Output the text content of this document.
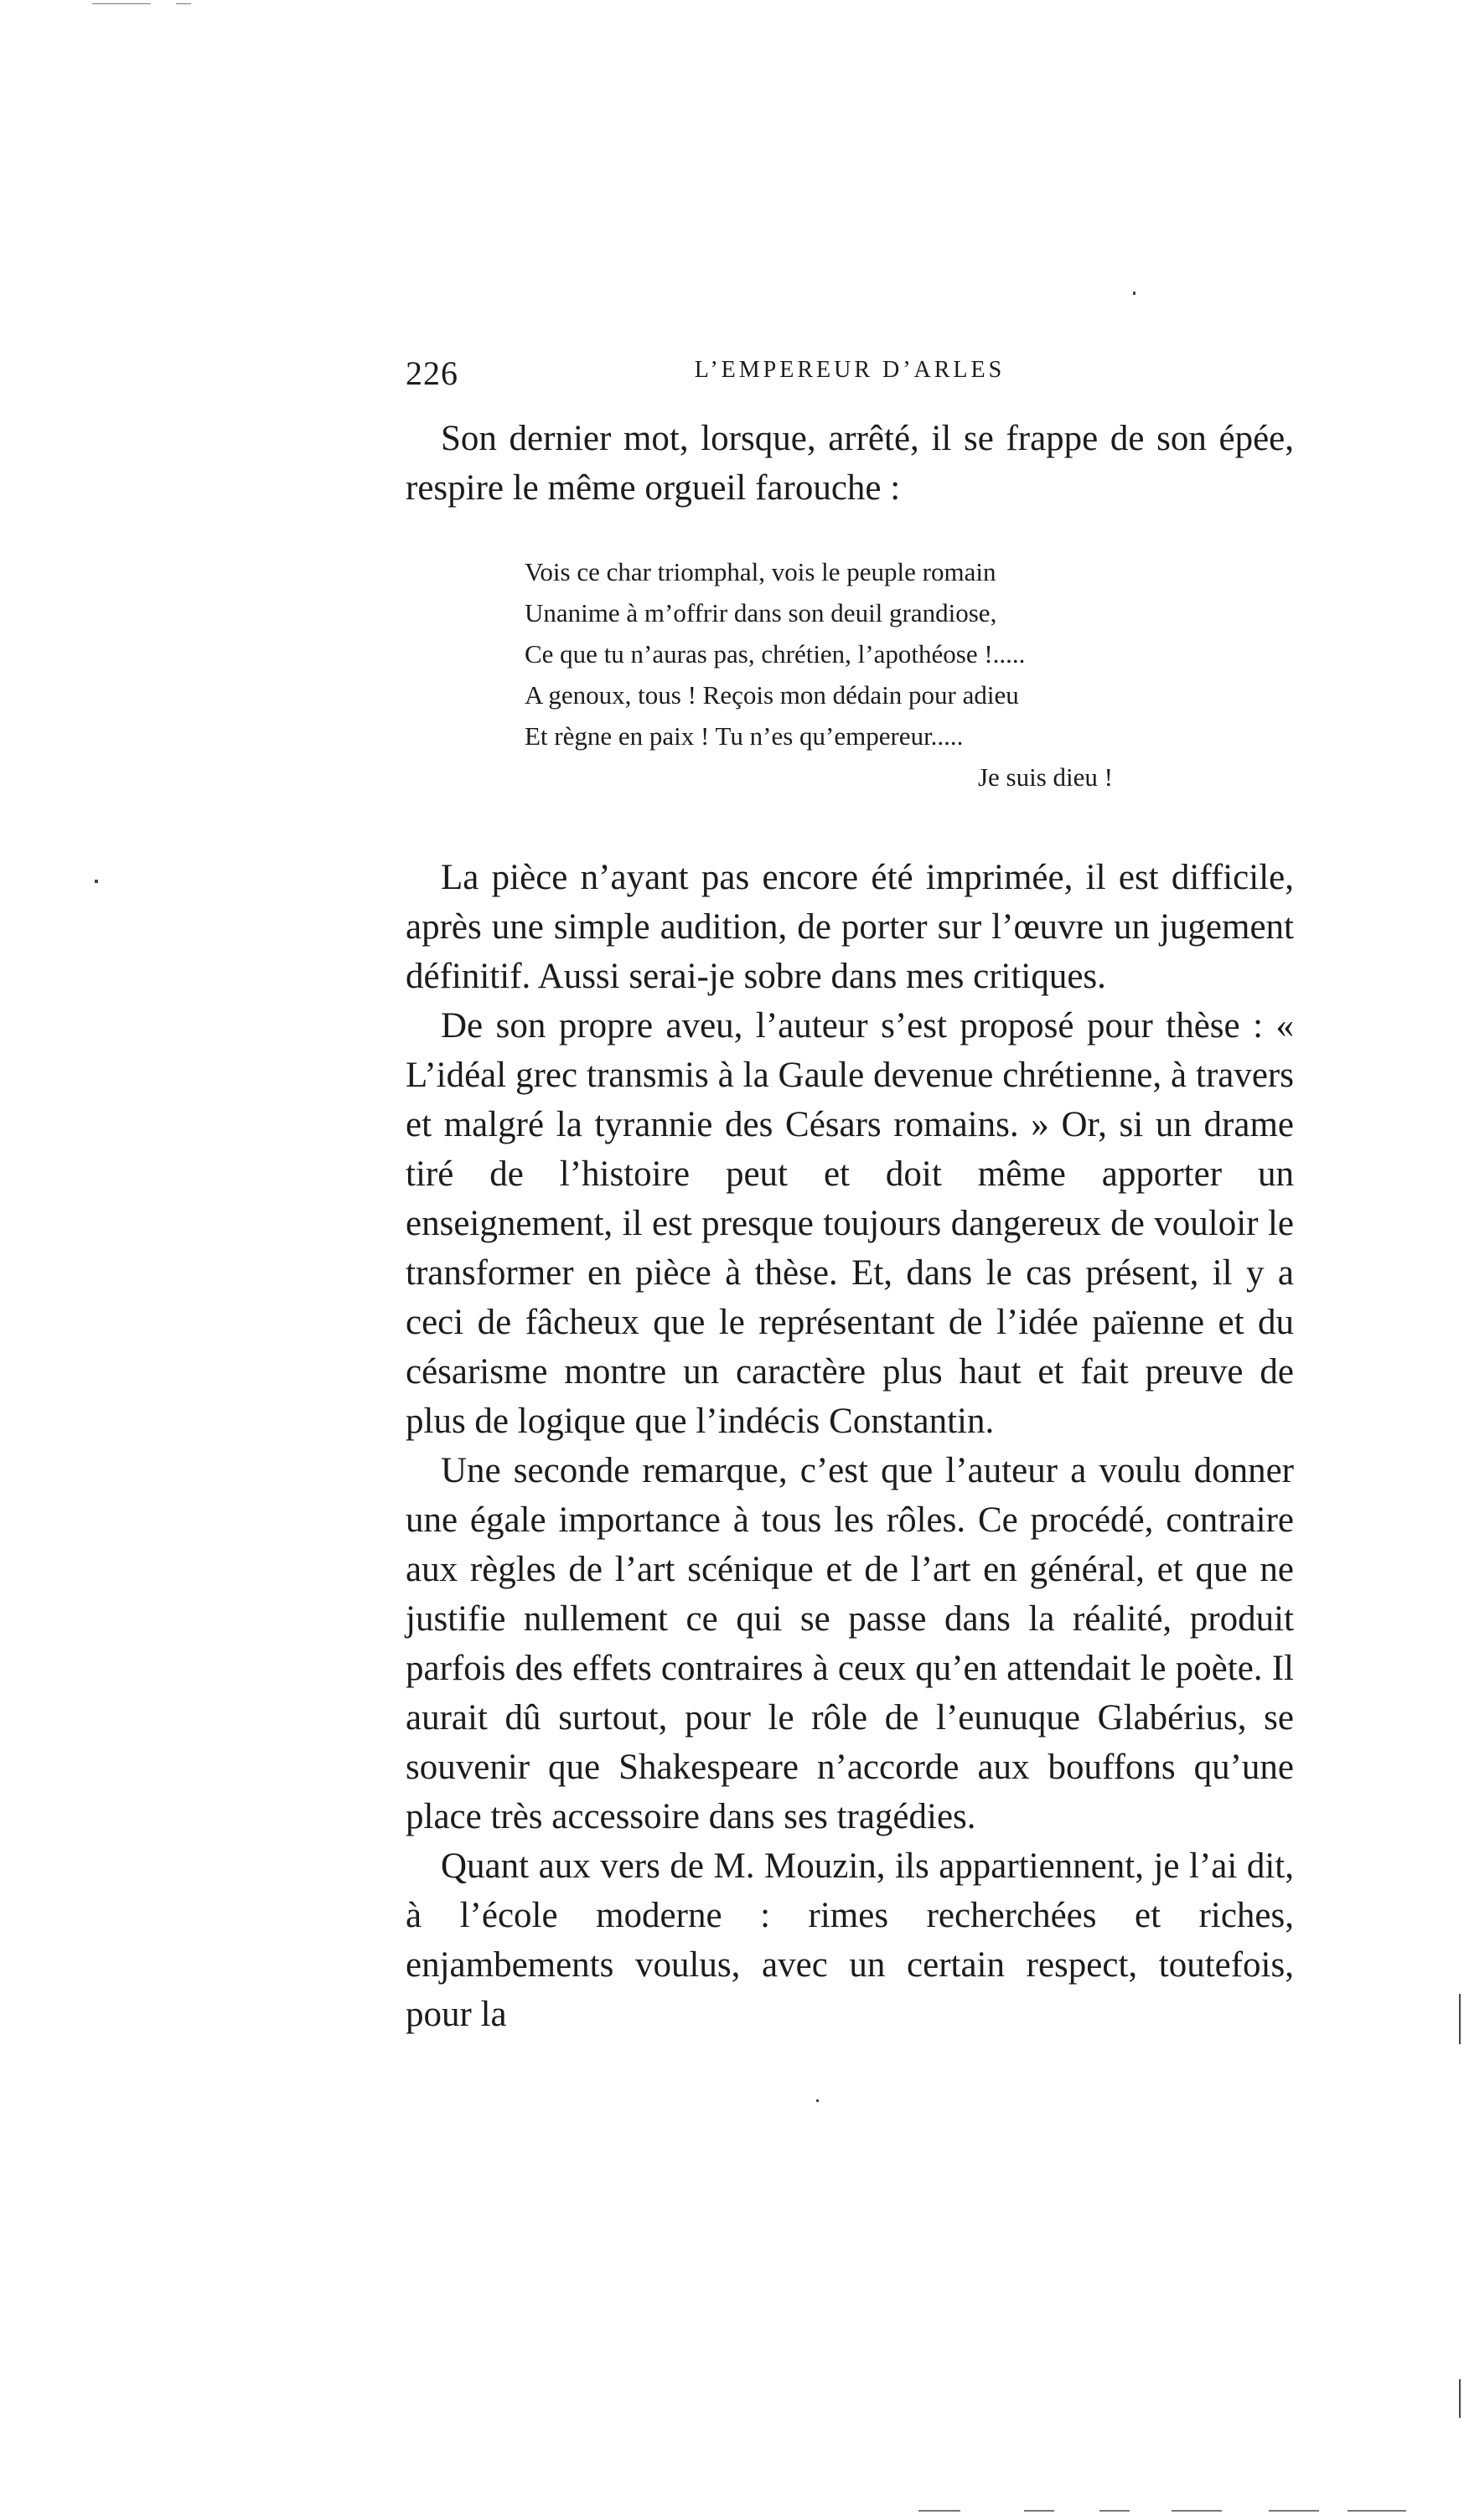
226	L’EMPEREUR D’ARLES

Son dernier mot, lorsque, arrêté, il se frappe de son épée, respire le même orgueil farouche :

Vois ce char triomphal, vois le peuple romain
Unanime à m’offrir dans son deuil grandiose,
Ce que tu n’auras pas, chrétien, l’apothéose !.....
A genoux, tous ! Reçois mon dédain pour adieu
Et règne en paix ! Tu n’es qu’empereur.....
Je suis dieu !

La pièce n’ayant pas encore été imprimée, il est difficile, après une simple audition, de porter sur l’œuvre un jugement définitif. Aussi serai-je sobre dans mes critiques.

De son propre aveu, l’auteur s’est proposé pour thèse : « L’idéal grec transmis à la Gaule devenue chrétienne, à travers et malgré la tyrannie des Césars romains. » Or, si un drame tiré de l’histoire peut et doit même apporter un enseignement, il est presque toujours dangereux de vouloir le transformer en pièce à thèse. Et, dans le cas présent, il y a ceci de fâcheux que le représentant de l’idée païenne et du césarisme montre un caractère plus haut et fait preuve de plus de logique que l’indécis Constantin.

Une seconde remarque, c’est que l’auteur a voulu donner une égale importance à tous les rôles. Ce procédé, contraire aux règles de l’art scénique et de l’art en général, et que ne justifie nullement ce qui se passe dans la réalité, produit parfois des effets contraires à ceux qu’en attendait le poète. Il aurait dû surtout, pour le rôle de l’eunuque Glabérius, se souvenir que Shakespeare n’accorde aux bouffons qu’une place très accessoire dans ses tragédies.

Quant aux vers de M. Mouzin, ils appartiennent, je l’ai dit, à l’école moderne : rimes recherchées et riches, enjambements voulus, avec un certain respect, toutefois, pour la
